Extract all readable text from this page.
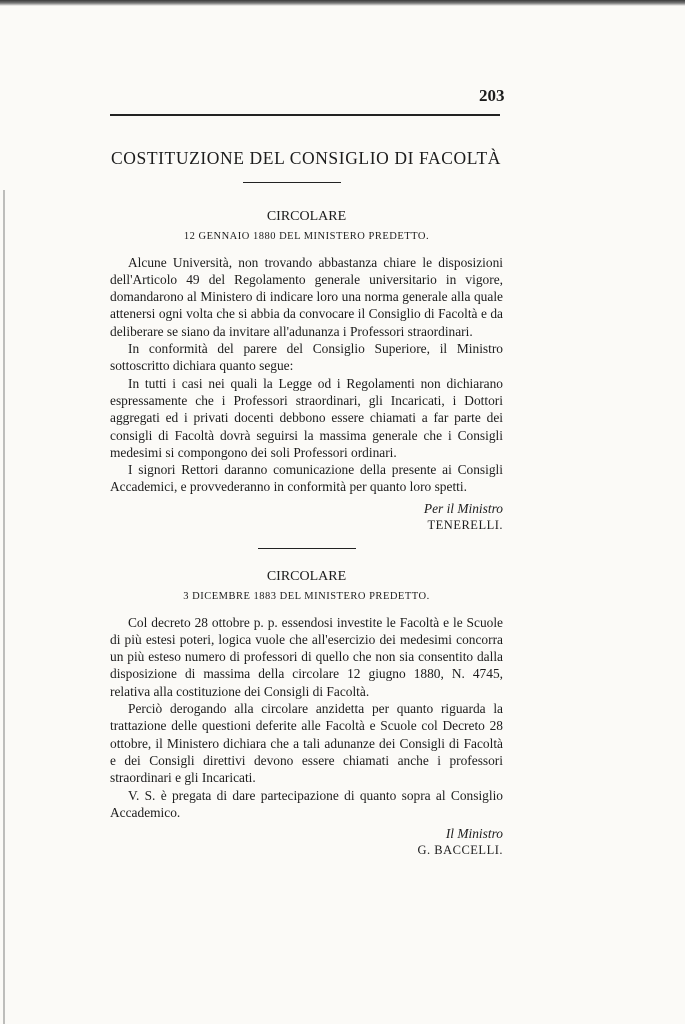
203
COSTITUZIONE DEL CONSIGLIO DI FACOLTÀ
CIRCOLARE
12 GENNAIO 1880 DEL MINISTERO PREDETTO.

Alcune Università, non trovando abbastanza chiare le disposizioni dell'Articolo 49 del Regolamento generale universitario in vigore, domandarono al Ministero di indicare loro una norma generale alla quale attenersi ogni volta che si abbia da convocare il Consiglio di Facoltà e da deliberare se siano da invitare all'adunanza i Professori straordinari.

In conformità del parere del Consiglio Superiore, il Ministro sottoscritto dichiara quanto segue:

In tutti i casi nei quali la Legge od i Regolamenti non dichiarano espressamente che i Professori straordinari, gli Incaricati, i Dottori aggregati ed i privati docenti debbono essere chiamati a far parte dei consigli di Facoltà dovrà seguirsi la massima generale che i Consigli medesimi si compongono dei soli Professori ordinari.

I signori Rettori daranno comunicazione della presente ai Consigli Accademici, e provvederanno in conformità per quanto loro spetti.

Per il Ministro
TENERELLI.
CIRCOLARE
3 DICEMBRE 1883 DEL MINISTERO PREDETTO.

Col decreto 28 ottobre p. p. essendosi investite le Facoltà e le Scuole di più estesi poteri, logica vuole che all'esercizio dei medesimi concorra un più esteso numero di professori di quello che non sia consentito dalla disposizione di massima della circolare 12 giugno 1880, N. 4745, relativa alla costituzione dei Consigli di Facoltà.

Perciò derogando alla circolare anzidetta per quanto riguarda la trattazione delle questioni deferite alle Facoltà e Scuole col Decreto 28 ottobre, il Ministero dichiara che a tali adunanze dei Consigli di Facoltà e dei Consigli direttivi devono essere chiamati anche i professori straordinari e gli Incaricati.

V. S. è pregata di dare partecipazione di quanto sopra al Consiglio Accademico.

Il Ministro
G. BACCELLI.
